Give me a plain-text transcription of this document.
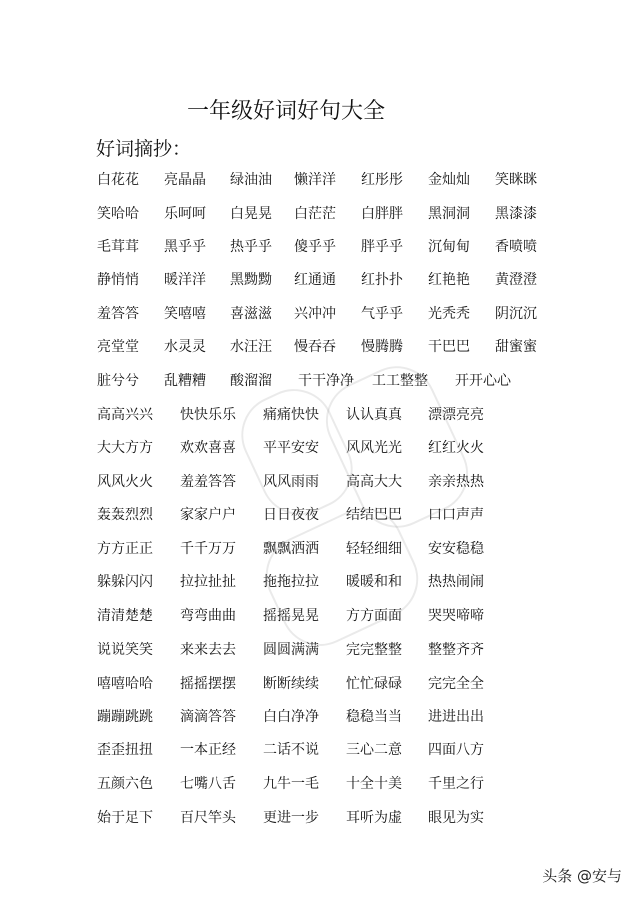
一年级好词好句大全
好词摘抄：
白花花 亮晶晶 绿油油 懒洋洋 红彤彤 金灿灿 笑眯眯
笑哈哈 乐呵呵 白晃晃 白茫茫 白胖胖 黑洞洞 黑漆漆
毛茸茸 黑乎乎 热乎乎 傻乎乎 胖乎乎 沉甸甸 香喷喷
静悄悄 暖洋洋 黑黝黝 红通通 红扑扑 红艳艳 黄澄澄
羞答答 笑嘻嘻 喜滋滋 兴冲冲 气乎乎 光秃秃 阴沉沉
亮堂堂 水灵灵 水汪汪 慢吞吞 慢腾腾 干巴巴 甜蜜蜜
脏兮兮 乱糟糟 酸溜溜 干干净净 工工整整 开开心心
高高兴兴 快快乐乐 痛痛快快 认认真真 漂漂亮亮
大大方方 欢欢喜喜 平平安安 风风光光 红红火火
风风火火 羞羞答答 风风雨雨 高高大大 亲亲热热
轰轰烈烈 家家户户 日日夜夜 结结巴巴 口口声声
方方正正 千千万万 飘飘洒洒 轻轻细细 安安稳稳
躲躲闪闪 拉拉扯扯 拖拖拉拉 暖暖和和 热热闹闹
清清楚楚 弯弯曲曲 摇摇晃晃 方方面面 哭哭啼啼
说说笑笑 来来去去 圆圆满满 完完整整 整整齐齐
嘻嘻哈哈 摇摇摆摆 断断续续 忙忙碌碌 完完全全
蹦蹦跳跳 滴滴答答 白白净净 稳稳当当 进进出出
歪歪扭扭 一本正经 二话不说 三心二意 四面八方
五颜六色 七嘴八舌 九牛一毛 十全十美 千里之行
始于足下 百尺竿头 更进一步 耳听为虚 眼见为实
头条 @安与
